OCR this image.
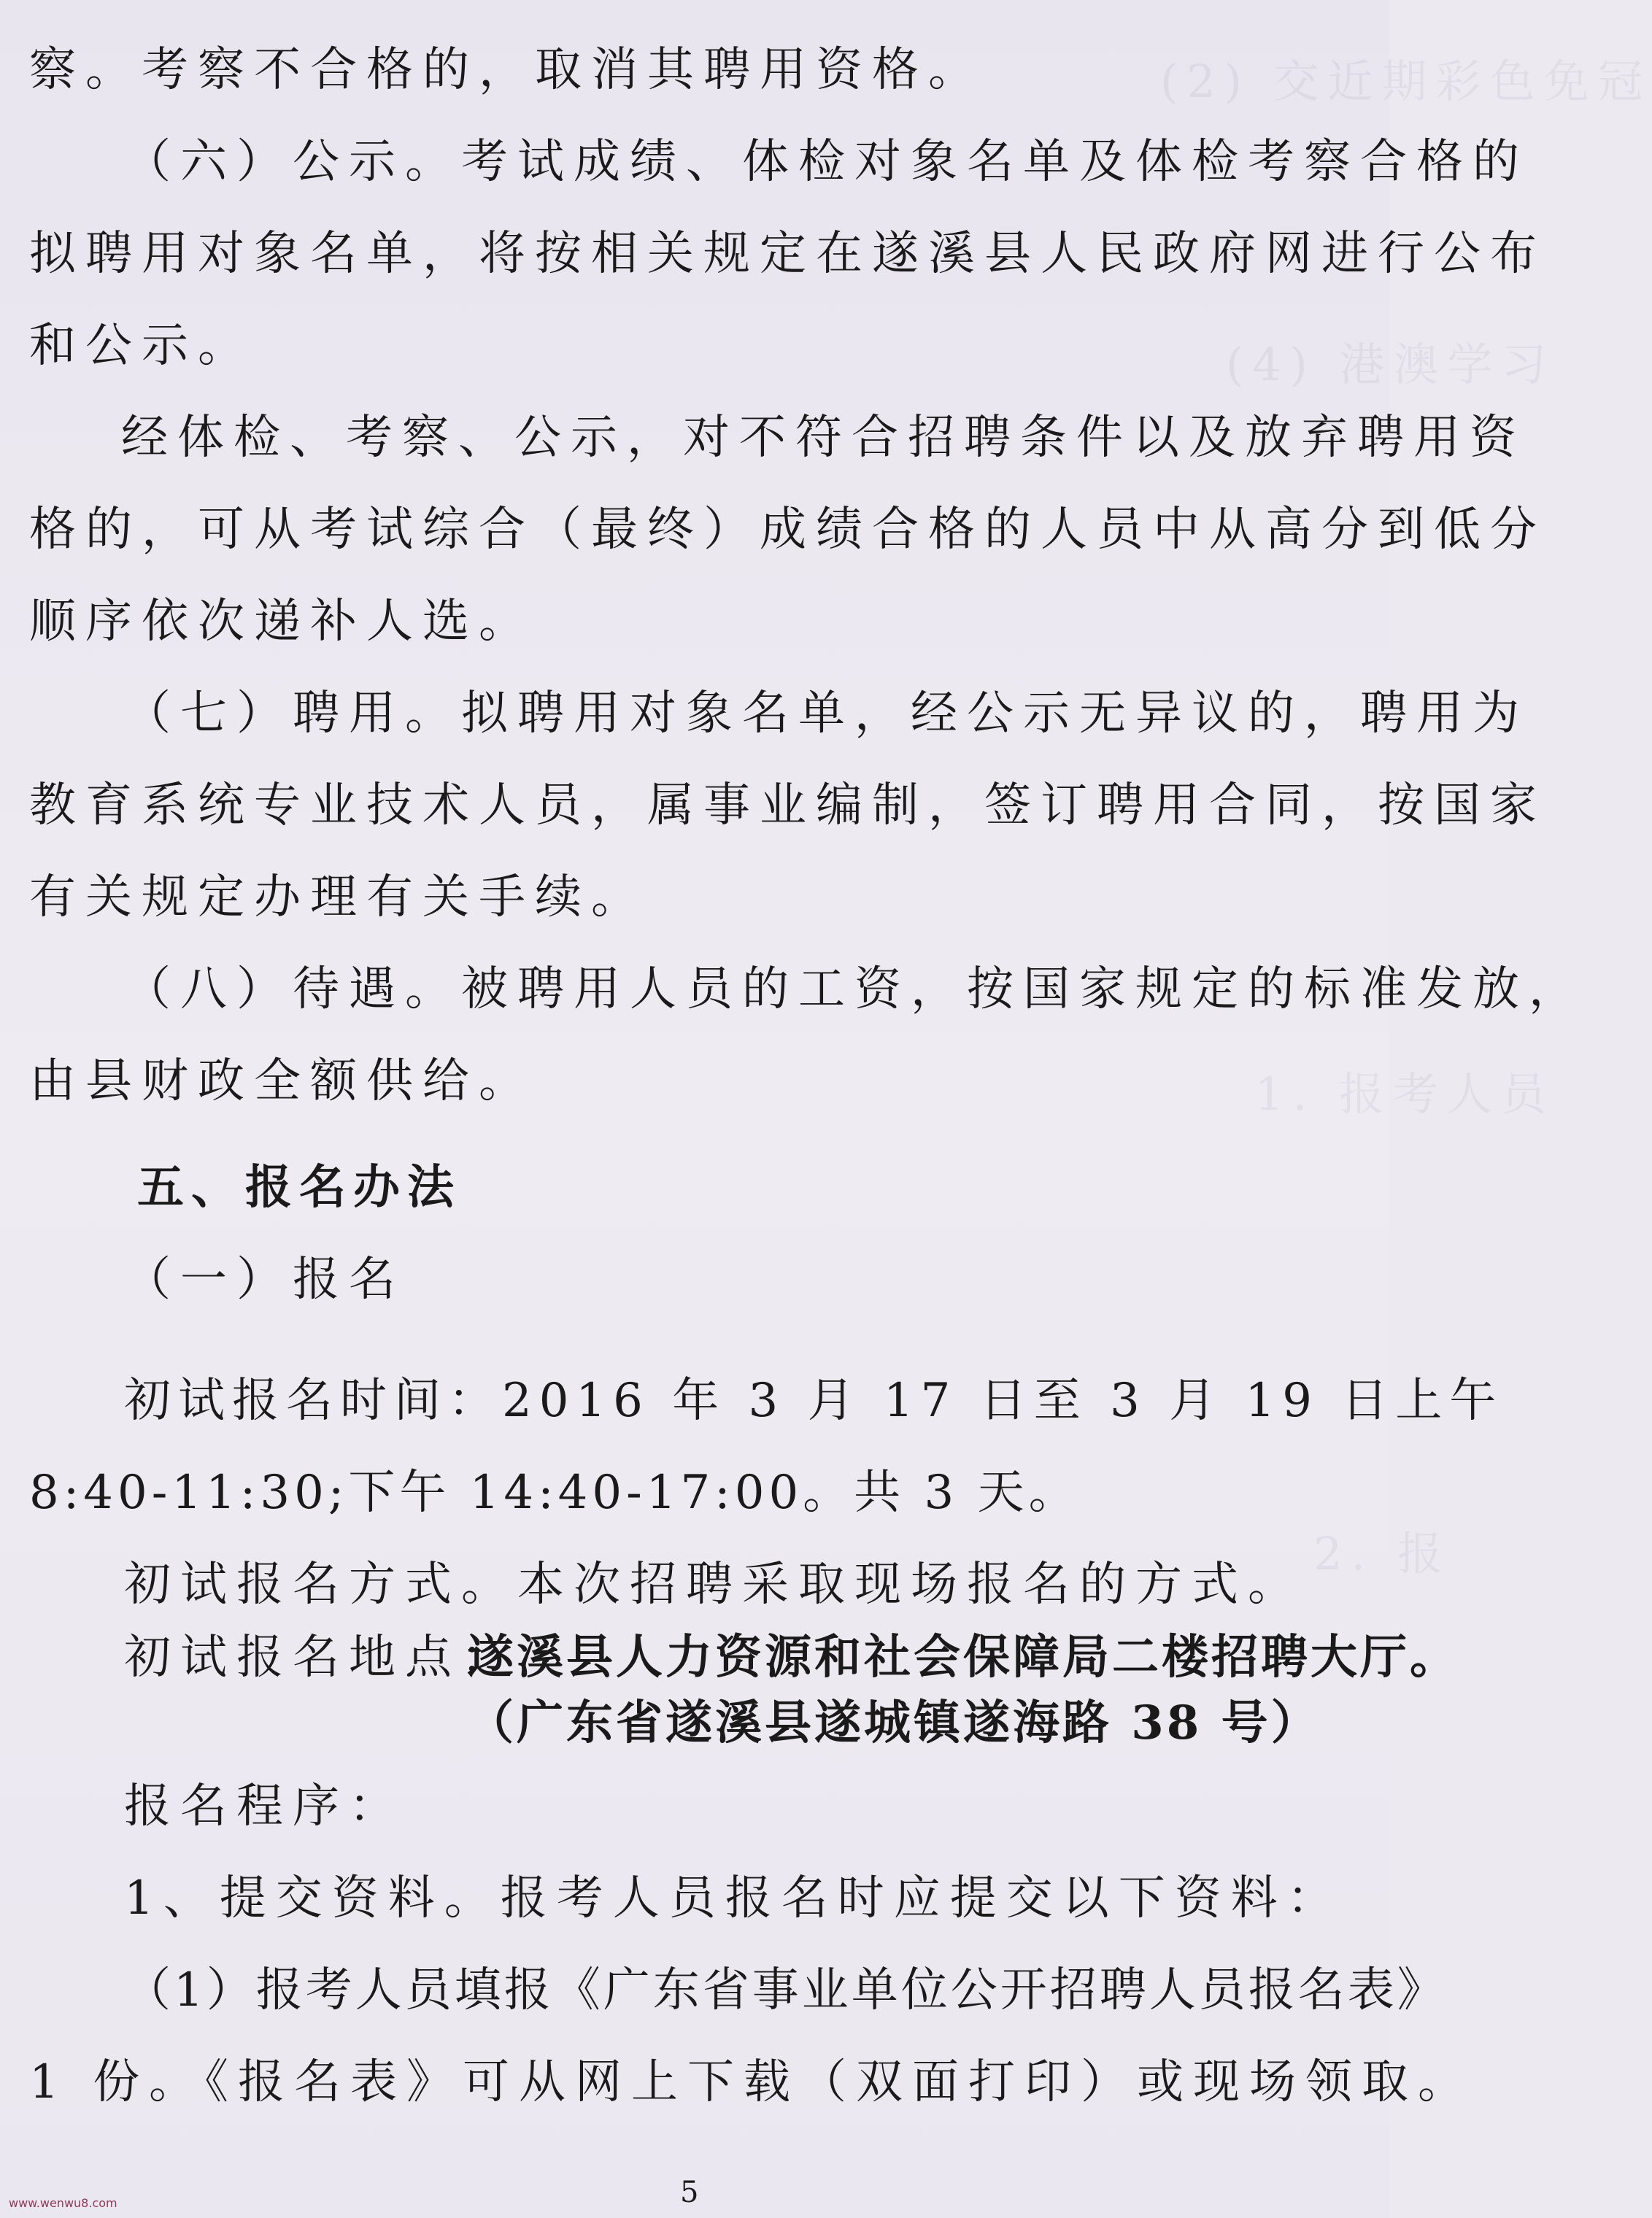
(2) 交近期彩色免冠
(4) 港澳学习
1. 报考人员
2. 报
察。考察不合格的，取消其聘用资格。
（六）公示。考试成绩、体检对象名单及体检考察合格的
拟聘用对象名单，将按相关规定在遂溪县人民政府网进行公布
和公示。
经体检、考察、公示，对不符合招聘条件以及放弃聘用资
格的，可从考试综合（最终）成绩合格的人员中从高分到低分
顺序依次递补人选。
（七）聘用。拟聘用对象名单，经公示无异议的，聘用为
教育系统专业技术人员，属事业编制，签订聘用合同，按国家
有关规定办理有关手续。
（八）待遇。被聘用人员的工资，按国家规定的标准发放，
由县财政全额供给。
五、报名办法
（一）报名
初试报名时间：2016 年 3 月 17 日至 3 月 19 日上午
8:40-11:30;下午 14:40-17:00。共 3 天。
初试报名方式。本次招聘采取现场报名的方式。
初试报名地点：
遂溪县人力资源和社会保障局二楼招聘大厅。
（广东省遂溪县遂城镇遂海路 38 号）
报名程序：
1、提交资料。报考人员报名时应提交以下资料：
（1）报考人员填报《广东省事业单位公开招聘人员报名表》
1 份。《报名表》可从网上下载（双面打印）或现场领取。
5
www.wenwu8.com
